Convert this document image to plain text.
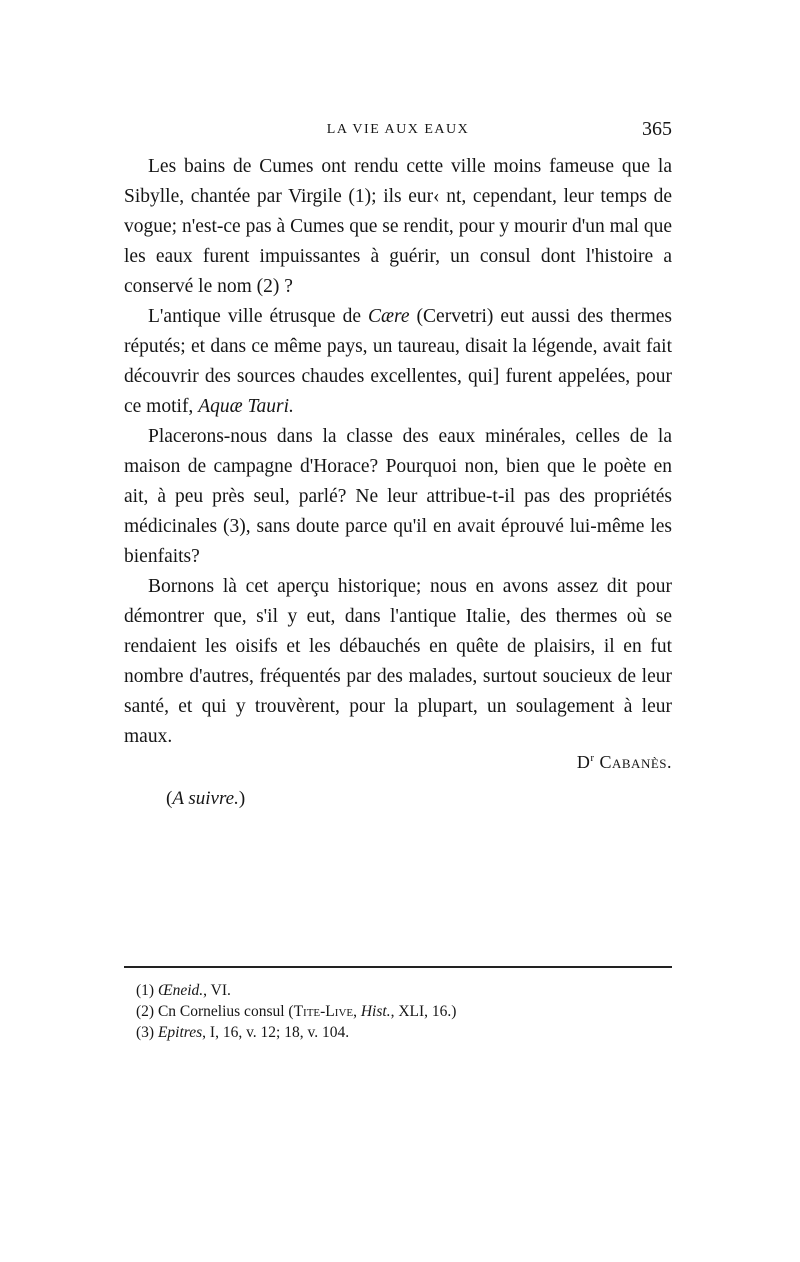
LA VIE AUX EAUX	365

Les bains de Cumes ont rendu cette ville moins fameuse que la Sibylle, chantée par Virgile (1); ils eur‹ nt, cependant, leur temps de vogue; n'est-ce pas à Cumes que se rendit, pour y mourir d'un mal que les eaux furent impuissantes à guérir, un consul dont l'histoire a conservé le nom (2) ?

L'antique ville étrusque de Cære (Cervetri) eut aussi des thermes réputés; et dans ce même pays, un taureau, disait la légende, avait fait découvrir des sources chaudes excellentes, qui] furent appelées, pour ce motif, Aquæ Tauri.

Placerons-nous dans la classe des eaux minérales, celles de la maison de campagne d'Horace? Pourquoi non, bien que le poète en ait, à peu près seul, parlé? Ne leur attribue-t-il pas des propriétés médicinales (3), sans doute parce qu'il en avait éprouvé lui-même les bienfaits?

Bornons là cet aperçu historique; nous en avons assez dit pour démontrer que, s'il y eut, dans l'antique Italie, des thermes où se rendaient les oisifs et les débauchés en quête de plaisirs, il en fut nombre d'autres, fréquentés par des malades, surtout soucieux de leur santé, et qui y trouvèrent, pour la plupart, un soulagement à leur maux.

$D^r$ Cabanès.
(A suivre.)
(1) Œneid., VI.
(2) Cn Cornelius consul (Tite-Live, Hist., XLI, 16.)
(3) Epitres, I, 16, v. 12; 18, v. 104.
